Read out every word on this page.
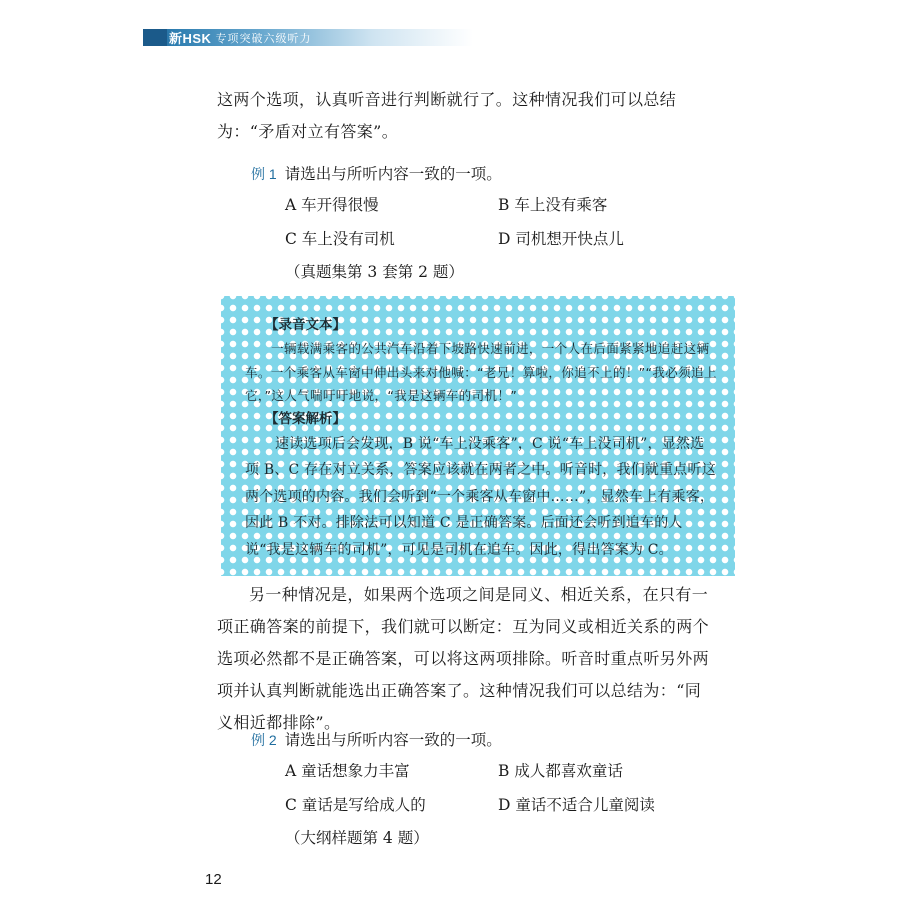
新HSK 专项突破六级听力

这两个选项，认真听音进行判断就行了。这种情况我们可以总结为：“矛盾对立有答案”。

例 1 请选出与所听内容一致的一项。
A 车开得很慢	B 车上没有乘客
C 车上没有司机	D 司机想开快点儿
（真题集第 3 套第 2 题）
【录音文本】

一辆载满乘客的公共汽车沿着下坡路快速前进，一个人在后面紧紧地追赶这辆车。一个乘客从车窗中伸出头来对他喊：“老兄！算啦，你追不上的！”“我必须追上它，”这人气喘吁吁地说，“我是这辆车的司机！”

【答案解析】

速读选项后会发现，B 说“车上没乘客”，C 说“车上没司机”，显然选项 B、C 存在对立关系，答案应该就在两者之中。听音时，我们就重点听这两个选项的内容。我们会听到“一个乘客从车窗中……”，显然车上有乘客，因此 B 不对。排除法可以知道 C 是正确答案。后面还会听到追车的人说“我是这辆车的司机”，可见是司机在追车。因此，得出答案为 C。

另一种情况是，如果两个选项之间是同义、相近关系，在只有一项正确答案的前提下，我们就可以断定：互为同义或相近关系的两个选项必然都不是正确答案，可以将这两项排除。听音时重点听另外两项并认真判断就能选出正确答案了。这种情况我们可以总结为：“同义相近都排除”。

例 2 请选出与所听内容一致的一项。
A 童话想象力丰富	B 成人都喜欢童话
C 童话是写给成人的	D 童话不适合儿童阅读
（大纲样题第 4 题）
12
